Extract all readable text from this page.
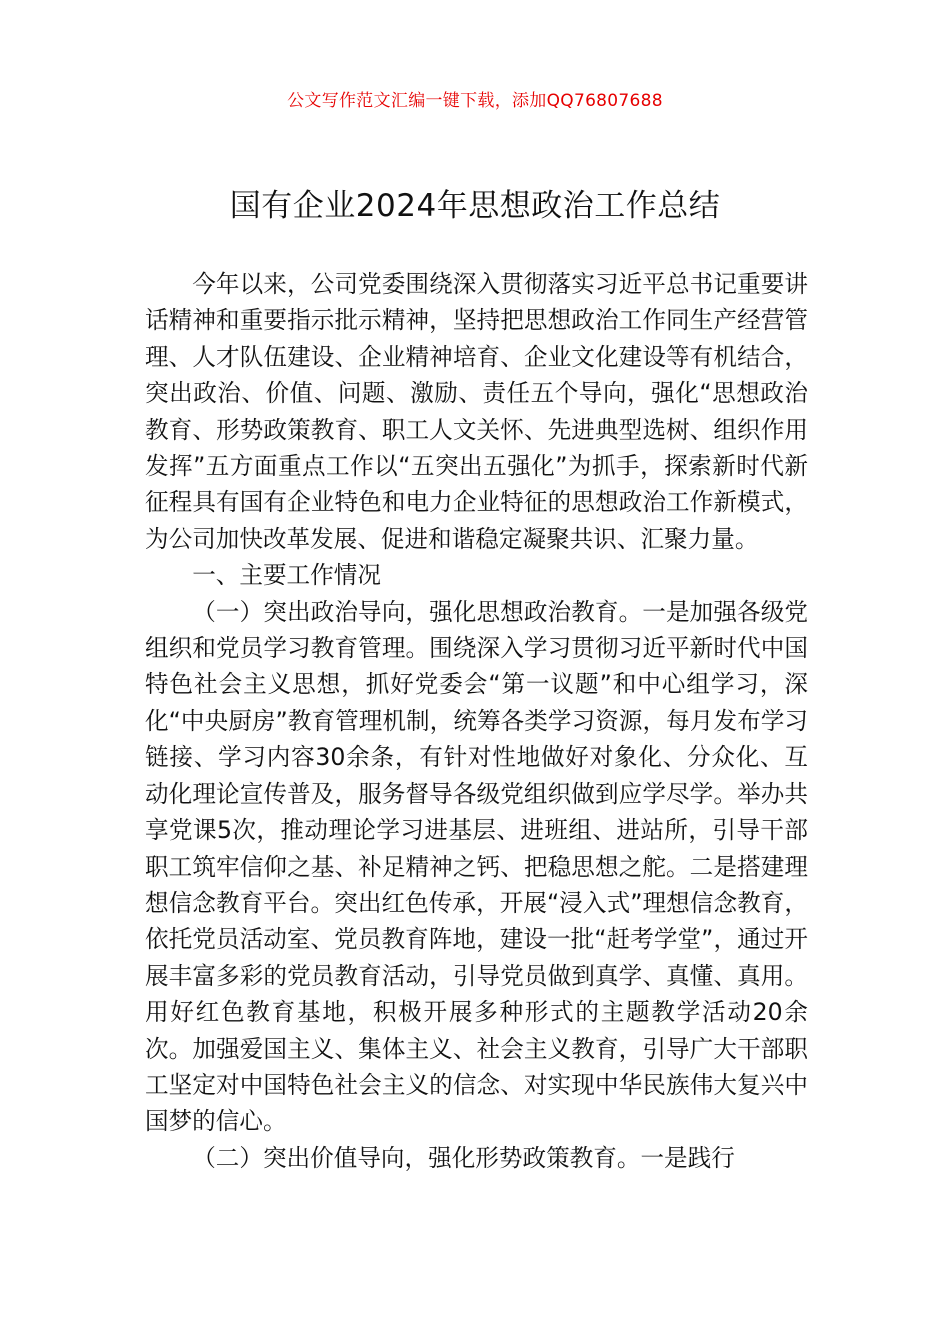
公文写作范文汇编一键下载，添加QQ76807688
国有企业2024年思想政治工作总结

今年以来，公司党委围绕深入贯彻落实习近平总书记重要讲话精神和重要指示批示精神，坚持把思想政治工作同生产经营管理、人才队伍建设、企业精神培育、企业文化建设等有机结合，突出政治、价值、问题、激励、责任五个导向，强化“思想政治教育、形势政策教育、职工人文关怀、先进典型选树、组织作用发挥”五方面重点工作以“五突出五强化”为抓手，探索新时代新征程具有国有企业特色和电力企业特征的思想政治工作新模式，为公司加快改革发展、促进和谐稳定凝聚共识、汇聚力量。

一、主要工作情况

（一）突出政治导向，强化思想政治教育。一是加强各级党组织和党员学习教育管理。围绕深入学习贯彻习近平新时代中国特色社会主义思想，抓好党委会“第一议题”和中心组学习，深化“中央厨房”教育管理机制，统筹各类学习资源，每月发布学习链接、学习内容30余条，有针对性地做好对象化、分众化、互动化理论宣传普及，服务督导各级党组织做到应学尽学。举办共享党课5次，推动理论学习进基层、进班组、进站所，引导干部职工筑牢信仰之基、补足精神之钙、把稳思想之舵。二是搭建理想信念教育平台。突出红色传承，开展“浸入式”理想信念教育，依托党员活动室、党员教育阵地，建设一批“赶考学堂”，通过开展丰富多彩的党员教育活动，引导党员做到真学、真懂、真用。用好红色教育基地，积极开展多种形式的主题教学活动20余次。加强爱国主义、集体主义、社会主义教育，引导广大干部职工坚定对中国特色社会主义的信念、对实现中华民族伟大复兴中国梦的信心。

（二）突出价值导向，强化形势政策教育。一是践行
